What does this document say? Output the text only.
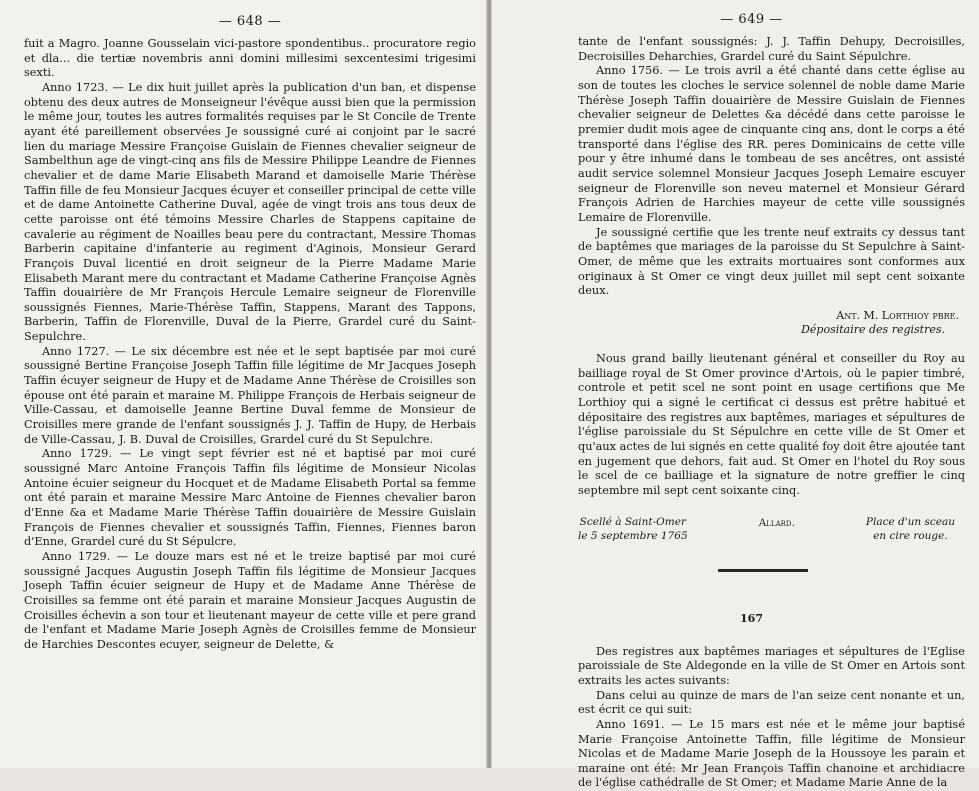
— 648 —

fuit a Magro. Joanne Gousselain vici-pastore spondentibus.. procuratore regio et dla... die tertiæ novembris anni domini millesimi sexcentesimi trigesimi sexti.

Anno 1723. — Le dix huit juillet après la publication d'un ban, et dispense obtenu des deux autres de Monseigneur l'évêque aussi bien que la permission le même jour, toutes les autres formalités requises par le St Concile de Trente ayant été pareillement observées Je soussigné curé ai conjoint par le sacré lien du mariage Messire Françoise Guislain de Fiennes chevalier seigneur de Sambelthun age de vingt-cinq ans fils de Messire Philippe Leandre de Fiennes chevalier et de dame Marie Elisabeth Marand et damoiselle Marie Thérèse Taffin fille de feu Monsieur Jacques écuyer et conseiller principal de cette ville et de dame Antoinette Catherine Duval, agée de vingt trois ans tous deux de cette paroisse ont été témoins Messire Charles de Stappens capitaine de cavalerie au régiment de Noailles beau pere du contractant, Messire Thomas Barberin capitaine d'infanterie au regiment d'Aginois, Monsieur Gerard François Duval licentié en droit seigneur de la Pierre Madame Marie Elisabeth Marant mere du contractant et Madame Catherine Françoise Agnès Taffin douairière de Mr François Hercule Lemaire seigneur de Florenville soussignés Fiennes, Marie-Thérèse Taffin, Stappens, Marant des Tappons, Barberin, Taffin de Florenville, Duval de la Pierre, Grardel curé du Saint-Sepulchre.

Anno 1727. — Le six décembre est née et le sept baptisée par moi curé soussigné Bertine Françoise Joseph Taffin fille légitime de Mr Jacques Joseph Taffin écuyer seigneur de Hupy et de Madame Anne Thérèse de Croisilles son épouse ont été parain et maraine M. Philippe François de Herbais seigneur de Ville-Cassau, et damoiselle Jeanne Bertine Duval femme de Monsieur de Croisilles mere grande de l'enfant soussignés J. J. Taffin de Hupy, de Herbais de Ville-Cassau, J. B. Duval de Croisilles, Grardel curé du St Sepulchre.

Anno 1729. — Le vingt sept février est né et baptisé par moi curé soussigné Marc Antoine François Taffin fils légitime de Monsieur Nicolas Antoine écuier seigneur du Hocquet et de Madame Elisabeth Portal sa femme ont été parain et maraine Messire Marc Antoine de Fiennes chevalier baron d'Enne &a et Madame Marie Thérèse Taffin douairière de Messire Guislain François de Fiennes chevalier et soussignés Taffin, Fiennes, Fiennes baron d'Enne, Grardel curé du St Sépulcre.

Anno 1729. — Le douze mars est né et le treize baptisé par moi curé soussigné Jacques Augustin Joseph Taffin fils légitime de Monsieur Jacques Joseph Taffin écuier seigneur de Hupy et de Madame Anne Thérèse de Croisilles sa femme ont été parain et maraine Monsieur Jacques Augustin de Croisilles échevin a son tour et lieutenant mayeur de cette ville et pere grand de l'enfant et Madame Marie Joseph Agnès de Croisilles femme de Monsieur de Harchies Descontes ecuyer, seigneur de Delette, &

— 649 —

tante de l'enfant soussignés: J. J. Taffin Dehupy, Decroisilles, Decroisilles Deharchies, Grardel curé du Saint Sépulchre.

Anno 1756. — Le trois avril a été chanté dans cette église au son de toutes les cloches le service solennel de noble dame Marie Thérèse Joseph Taffin douairière de Messire Guislain de Fiennes chevalier seigneur de Delettes &a décédé dans cette paroisse le premier dudit mois agee de cinquante cinq ans, dont le corps a été transporté dans l'église des RR. peres Dominicains de cette ville pour y être inhumé dans le tombeau de ses ancêtres, ont assisté audit service solemnel Monsieur Jacques Joseph Lemaire escuyer seigneur de Florenville son neveu maternel et Monsieur Gérard François Adrien de Harchies mayeur de cette ville soussignés Lemaire de Florenville.

Je soussigné certifie que les trente neuf extraits cy dessus tant de baptêmes que mariages de la paroisse du St Sepulchre à Saint-Omer, de même que les extraits mortuaires sont conformes aux originaux à St Omer ce vingt deux juillet mil sept cent soixante deux.

Ant. M. Lorthioy pbre.
Dépositaire des registres.

Nous grand bailly lieutenant général et conseiller du Roy au bailliage royal de St Omer province d'Artois, où le papier timbré, controle et petit scel ne sont point en usage certifions que Me Lorthioy qui a signé le certificat ci dessus est prêtre habitué et dépositaire des registres aux baptêmes, mariages et sépultures de l'église paroissiale du St Sépulchre en cette ville de St Omer et qu'aux actes de lui signés en cette qualité foy doit être ajoutée tant en jugement que dehors, fait aud. St Omer en l'hotel du Roy sous le scel de ce bailliage et la signature de notre greffier le cinq septembre mil sept cent soixante cinq.

Scellé à Saint-Omer
le 5 septembre 1765
Allard.	Place d'un sceau
en cire rouge.
167

Des registres aux baptêmes mariages et sépultures de l'Eglise paroissiale de Ste Aldegonde en la ville de St Omer en Artois sont extraits les actes suivants:

Dans celui au quinze de mars de l'an seize cent nonante et un, est écrit ce qui suit:

Anno 1691. — Le 15 mars est née et le même jour baptisé Marie Françoise Antoinette Taffin, fille légitime de Monsieur Nicolas et de Madame Marie Joseph de la Houssoye les parain et maraine ont été: Mr Jean François Taffin chanoine et archidiacre de l'église cathédralle de St Omer; et Madame Marie Anne de la
